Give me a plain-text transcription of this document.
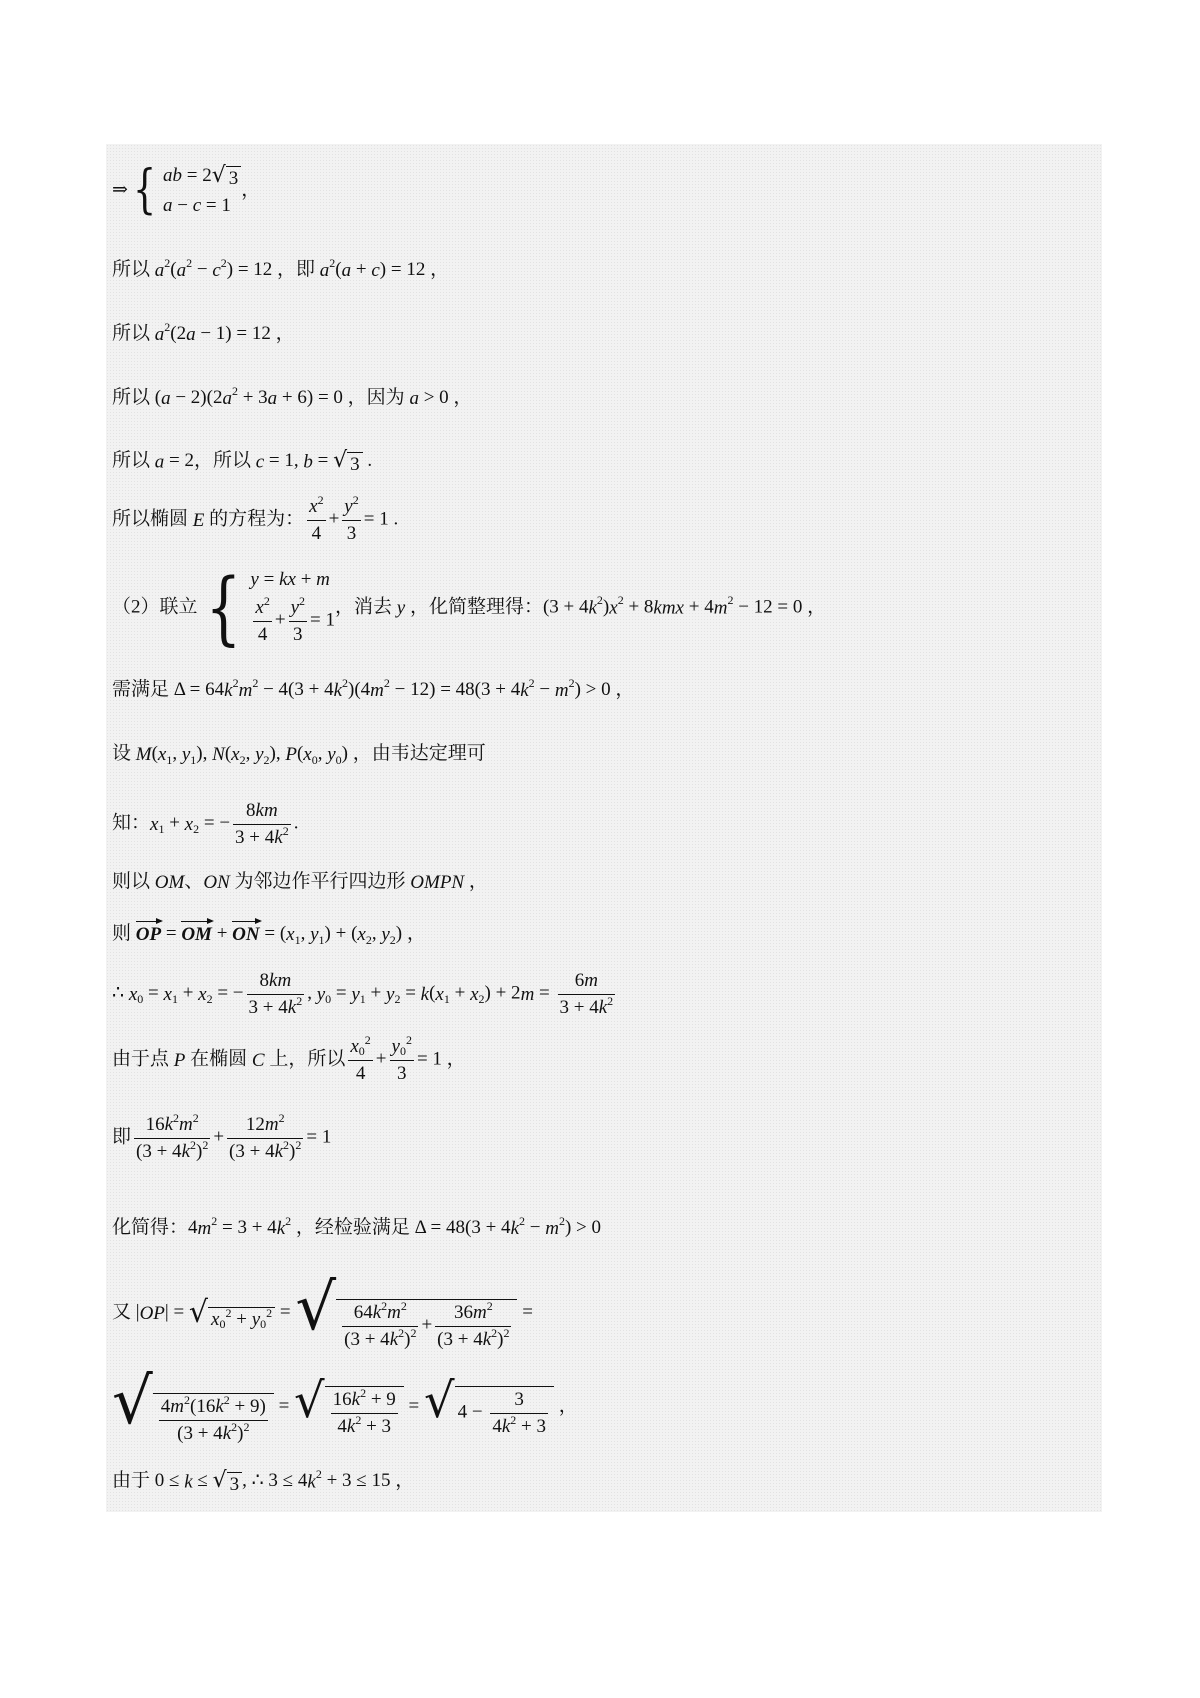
⇒ { ab = 2√ 3
a − c = 1
，
所以 $a^2(a^2 - c^2) = 12$ ，即 $a^2(a + c) = 12$ ，
所以 $a^2(2a - 1) = 12$ ，
所以 $(a - 2)(2a^2 + 3a + 6) = 0$ ，因为 a > 0 ，
所以 a = 2，所以 c = 1, b = √ 3 .
所以椭圆 E 的方程为： $\frac{x^2}{4} + \frac{y^2}{3} = 1$ .
（2）联立 { y = kx + m
$\frac{x^2}{4} + \frac{y^2}{3} = 1$
，消去 y ，化简整理得：$(3 + 4k^2)x^2 + 8kmx + 4m^2 - 12 = 0$ ，
需满足 $\Delta = 64k^2m^2 - 4(3 + 4k^2)(4m^2 - 12) = 48(3 + 4k^2 - m^2) > 0$ ，
设 $M(x_1$, $y_1$), $N(x_2$, $y_2$), $P(x_0$, $y_0$) ，由韦达定理可
知：$x_1 + x_2$ = − $\frac{8km}{3 + 4k^2}$ .
则以 OM、ON 为邻边作平行四边形 OMPN ，
则 OP = OM + ON = ($x_1$, $y_1) + (x_2$, $y_2$) ，
∴ $x_0 = x_1 + x_2$ = − $\frac{8km}{3 + 4k^2}$ , $y_0 = y_1 + y_2 = k(x_1 + x_2) + 2m = \frac{6m}{3 + 4k^2}$
由于点 P 在椭圆 C 上，所以 $\frac{x0^2}{4} + \frac{y0^2}{3} = 1$ ，
即 $\frac{16k^2m^2}{(3 + 4k^2)^2} + \frac{12m^2}{(3 + 4k^2)^2} = 1$
化简得：$4m^2 = 3 + 4k^2$ ，经检验满足 $\Delta = 48(3 + 4k^2 - m^2) > 0$
又 |OP| = √ $x0^2 + y0^2$ = √ $\frac{64k^2m^2}{(3 + 4k^2)^2} + \frac{36m^2}{(3 + 4k^2)^2}$ =
√ $\frac{4m^2(16k^2 + 9)}{(3 + 4k^2)^2}$ = √ $\frac{16k^2 + 9}{4k^2 + 3}$ = √ $4 - \frac{3}{4k^2 + 3}$ ，
由于 0 ≤ k ≤ √ 3 , ∴ $3 \le 4k^2 + 3 \le 15$ ，
